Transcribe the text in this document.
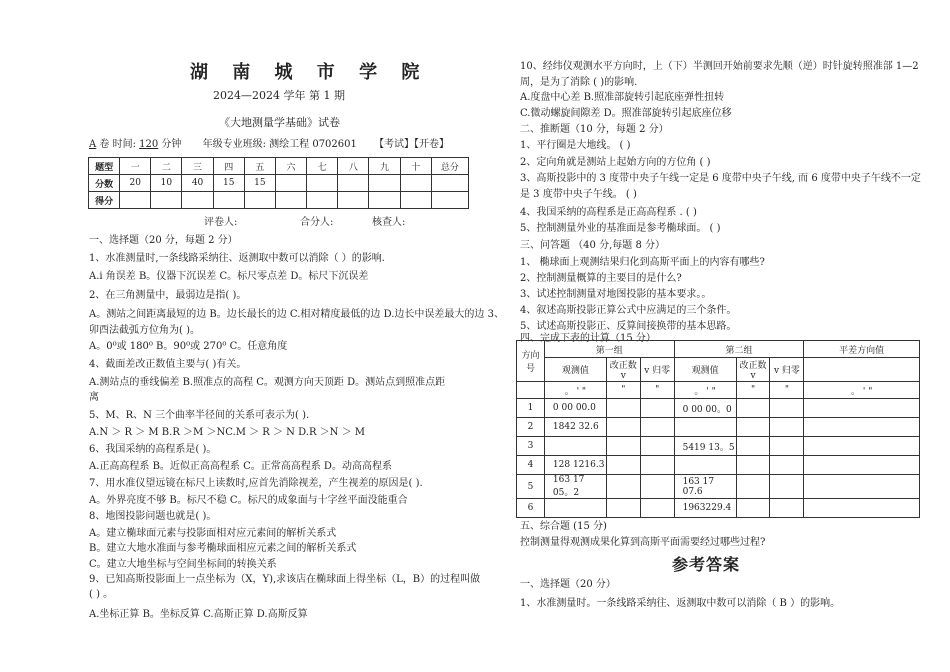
湖 南 城 市 学 院
2024—2024 学年 第 1 期
《大地测量学基础》试卷
A 卷 时间: 120 分钟 年级专业班级: 测绘工程 0702601 【考试】【开卷】
题型	一	二	三	四	五	六	七	八	九	十	总分
分数	20	10	40	15	15						
得分											
评卷人:	合分人:	核查人:
一、选择题（20 分，每题 2 分）
1、水准测量时,一条线路采纳往、返测取中数可以消除（ ）的影响.
A.i 角误差 B。仪器下沉误差 C。标尺零点差 D。标尺下沉误差
2、在三角测量中，最弱边是指( )。
A。测站之间距离最短的边 B。边长最长的边 C.相对精度最低的边 D.边长中误差最大的边 3、
卯酉法截弧方位角为( )。
A。0⁰或 180⁰ B。90⁰或 270⁰ C。任意角度
4、截面差改正数值主要与( )有关。
A.测站点的垂线偏差 B.照准点的高程 C。观测方向天顶距 D。测站点到照准点距
离
5、M、R、N 三个曲率半径间的关系可表示为( ).
A.N ＞ R ＞ M B.R ＞M ＞NC.M ＞ R ＞ N D.R ＞N ＞ M
6、我国采纳的高程系是( )。
A.正高高程系 B。近似正高高程系 C。正常高高程系 D。动高高程系
7、用水准仪望远镜在标尺上读数时,应首先消除视差，产生视差的原因是( ).
A。外界亮度不够 B。标尺不稳 C。标尺的成象面与十字丝平面没能重合
8、地图投影问题也就是( )。
A。建立椭球面元素与投影面相对应元素间的解析关系式
B。建立大地水准面与参考椭球面相应元素之间的解析关系式
C。建立大地坐标与空间坐标间的转换关系
9、已知高斯投影面上一点坐标为（X，Y),求该店在椭球面上得坐标（L，B）的过程叫做
( ) 。
A.坐标正算 B。坐标反算 C.高斯正算 D.高斯反算
10、经纬仪观测水平方向时，上（下）半测回开始前要求先顺（逆）时针旋转照准部 1—2
周，是为了消除 ( )的影响.
A.度盘中心差 B.照准部旋转引起底座弹性扭转
C.微动螺旋间隙差 D。照准部旋转引起底座位移
二、推断题（10 分，每题 2 分）
1、平行圈是大地线。 ( )
2、定向角就是测站上起始方向的方位角 ( )
3、高斯投影中的 3 度带中央子午线一定是 6 度带中央子午线, 而 6 度带中央子午线不一定
是 3 度带中央子午线。 ( )
4、我国采纳的高程系是正高高程系 . ( )
5、控制测量外业的基准面是参考椭球面。 ( )
三、问答题 （40 分,每题 8 分）
1、 椭球面上观测结果归化到高斯平面上的内容有哪些?
2、控制测量概算的主要目的是什么?
3、试述控制测量对地图投影的基本要求。。
4、叙述高斯投影正算公式中应满足的三个条件。
5、试述高斯投影正、反算间接换带的基本思路。
四、完成下表的计算（15 分）
方向号	第一组			第二组			平差方向值
	观测值	改正数 v	v 归零	观测值	改正数 v	v 归零	
	。 ' "	"	"	。 ' "	"	"	。 ' "
1	0 00 00.0			0 00 00。0			
2	1842 32.6						
3				5419 13。5			
4	128 1216.3						
5	163 17 05。2			163 17 07.6			
6				1963229.4			
五、综合题 (15 分)
控制测量得观测成果化算到高斯平面需要经过哪些过程?
参考答案
一、选择题（20 分）
1、水准测量时。一条线路采纳往、返测取中数可以消除（ B ）的影响。
